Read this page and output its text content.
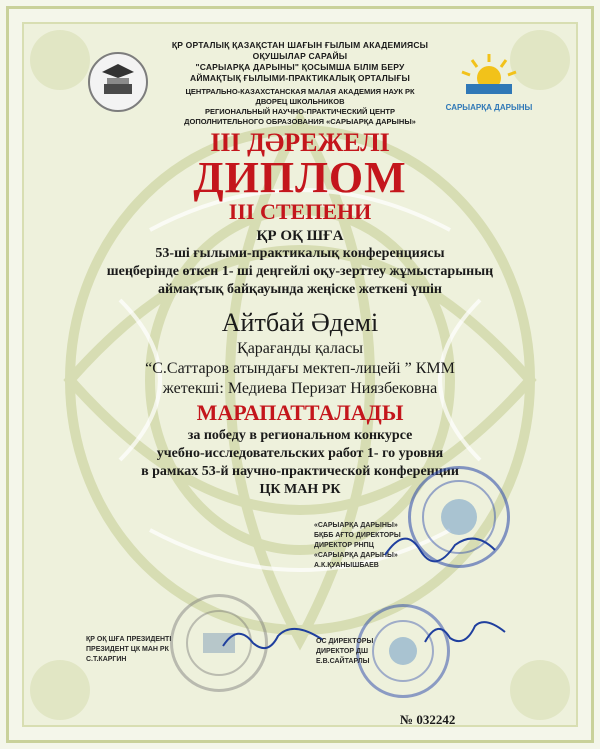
САРЫАРҚА ДАРЫНЫ
ҚР ОРТАЛЫҚ ҚАЗАҚСТАН ШАҒЫН ҒЫЛЫМ АКАДЕМИЯСЫ
ОҚУШЫЛАР САРАЙЫ
"САРЫАРҚА ДАРЫНЫ" ҚОСЫМША БІЛІМ БЕРУ
АЙМАҚТЫҚ ҒЫЛЫМИ-ПРАКТИКАЛЫҚ ОРТАЛЫҒЫ
ЦЕНТРАЛЬНО-КАЗАХСТАНСКАЯ МАЛАЯ АКАДЕМИЯ НАУК РК
ДВОРЕЦ ШКОЛЬНИКОВ
РЕГИОНАЛЬНЫЙ НАУЧНО-ПРАКТИЧЕСКИЙ ЦЕНТР
ДОПОЛНИТЕЛЬНОГО ОБРАЗОВАНИЯ «САРЫАРҚА ДАРЫНЫ»
ІІІ ДӘРЕЖЕЛІ
ДИПЛОМ
ІІІ СТЕПЕНИ
ҚР ОҚ ШҒА
53-ші ғылыми-практикалық конференциясы
шеңберінде өткен 1- ші деңгейлі оқу-зерттеу жұмыстарының
аймақтық байқауында жеңіске жеткені үшін
Айтбай Әдемі
Қарағанды қаласы
“С.Саттаров атындағы мектеп-лицейі ” КММ
жетекші: Медиева Перизат Ниязбековна
МАРАПАТТАЛАДЫ
за победу в региональном конкурсе
учебно-исследовательских работ 1- го уровня
в рамках 53-й научно-практической конференции
ЦК МАН РК
«САРЫАРҚА ДАРЫНЫ»
БҚББ АҒТО ДИРЕКТОРЫ
ДИРЕКТОР РНПЦ
«САРЫАРҚА ДАРЫНЫ»
А.К.ҚУАНЫШБАЕВ
ҚР ОҚ ШҒА ПРЕЗИДЕНТІ
ПРЕЗИДЕНТ ЦК МАН РК
С.Т.КАРГИН
ОС ДИРЕКТОРЫ
ДИРЕКТОР ДШ
Е.В.САЙТАРЛЫ
№ 032242
